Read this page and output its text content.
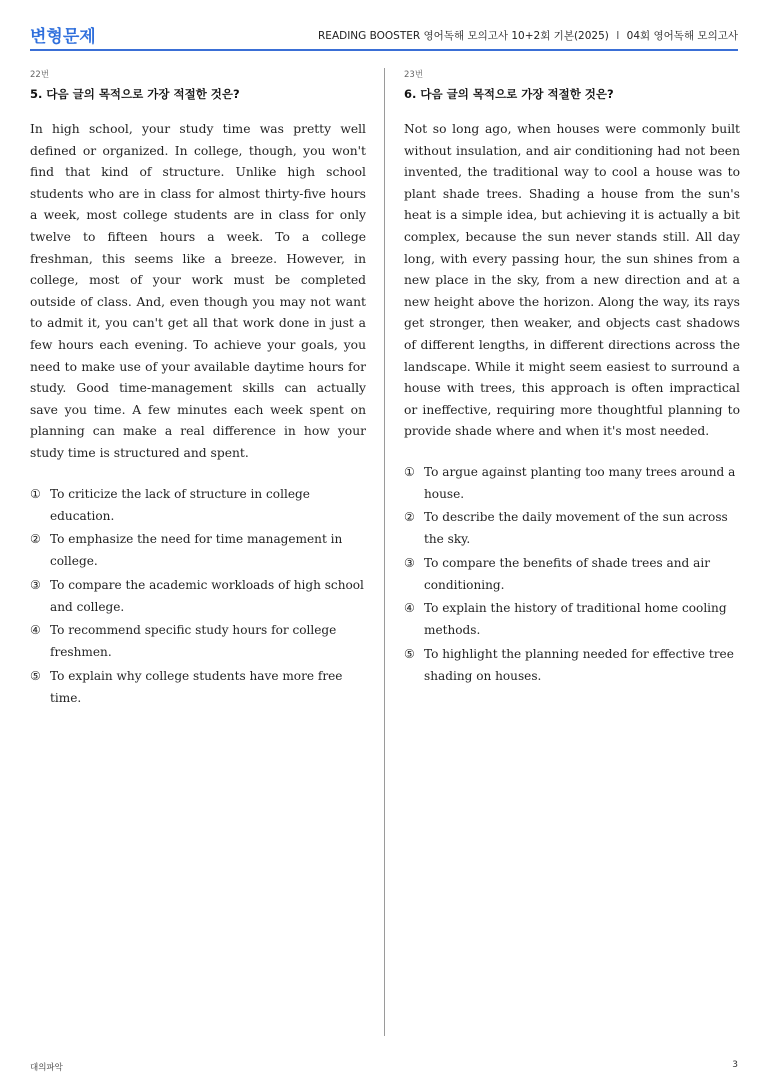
변형문제	READING BOOSTER 영어독해 모의고사 10+2회 기본(2025) I 04회 영어독해 모의고사
22번
5. 다음 글의 목적으로 가장 적절한 것은?

In high school, your study time was pretty well defined or organized. In college, though, you won't find that kind of structure. Unlike high school students who are in class for almost thirty-five hours a week, most college students are in class for only twelve to fifteen hours a week. To a college freshman, this seems like a breeze. However, in college, most of your work must be completed outside of class. And, even though you may not want to admit it, you can't get all that work done in just a few hours each evening. To achieve your goals, you need to make use of your available daytime hours for study. Good time-management skills can actually save you time. A few minutes each week spent on planning can make a real difference in how your study time is structured and spent.

① To criticize the lack of structure in college education.
② To emphasize the need for time management in college.
③ To compare the academic workloads of high school and college.
④ To recommend specific study hours for college freshmen.
⑤ To explain why college students have more free time.
23번
6. 다음 글의 목적으로 가장 적절한 것은?

Not so long ago, when houses were commonly built without insulation, and air conditioning had not been invented, the traditional way to cool a house was to plant shade trees. Shading a house from the sun's heat is a simple idea, but achieving it is actually a bit complex, because the sun never stands still. All day long, with every passing hour, the sun shines from a new place in the sky, from a new direction and at a new height above the horizon. Along the way, its rays get stronger, then weaker, and objects cast shadows of different lengths, in different directions across the landscape. While it might seem easiest to surround a house with trees, this approach is often impractical or ineffective, requiring more thoughtful planning to provide shade where and when it's most needed.

① To argue against planting too many trees around a house.
② To describe the daily movement of the sun across the sky.
③ To compare the benefits of shade trees and air conditioning.
④ To explain the history of traditional home cooling methods.
⑤ To highlight the planning needed for effective tree shading on houses.
대의파악	3
